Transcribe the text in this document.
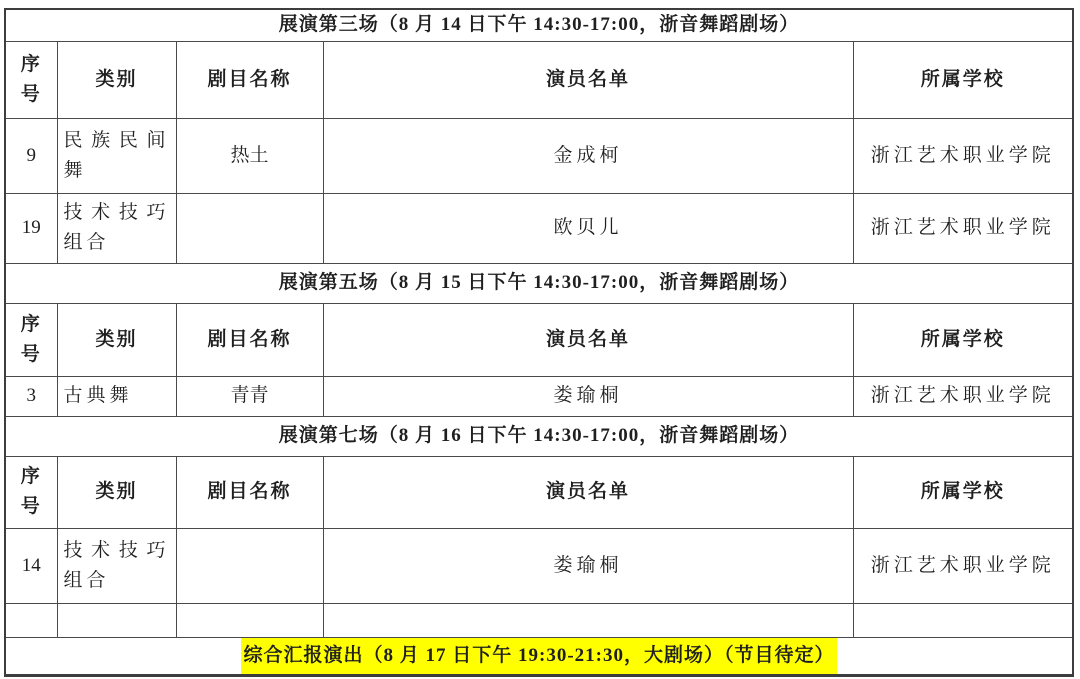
展演第三场（8 月 14 日下午 14:30-17:00，浙音舞蹈剧场）				
序号	类别	剧目名称	演员名单	所属学校
9	民族民间舞	热土	金成柯	浙江艺术职业学院
19	技术技巧组合		欧贝儿	浙江艺术职业学院
展演第五场（8 月 15 日下午 14:30-17:00，浙音舞蹈剧场）				
序号	类别	剧目名称	演员名单	所属学校
3	古典舞	青青	娄瑜桐	浙江艺术职业学院
展演第七场（8 月 16 日下午 14:30-17:00，浙音舞蹈剧场）				
序号	类别	剧目名称	演员名单	所属学校
14	技术技巧组合		娄瑜桐	浙江艺术职业学院

综合汇报演出（8 月 17 日下午 19:30-21:30，大剧场）（节目待定）				
